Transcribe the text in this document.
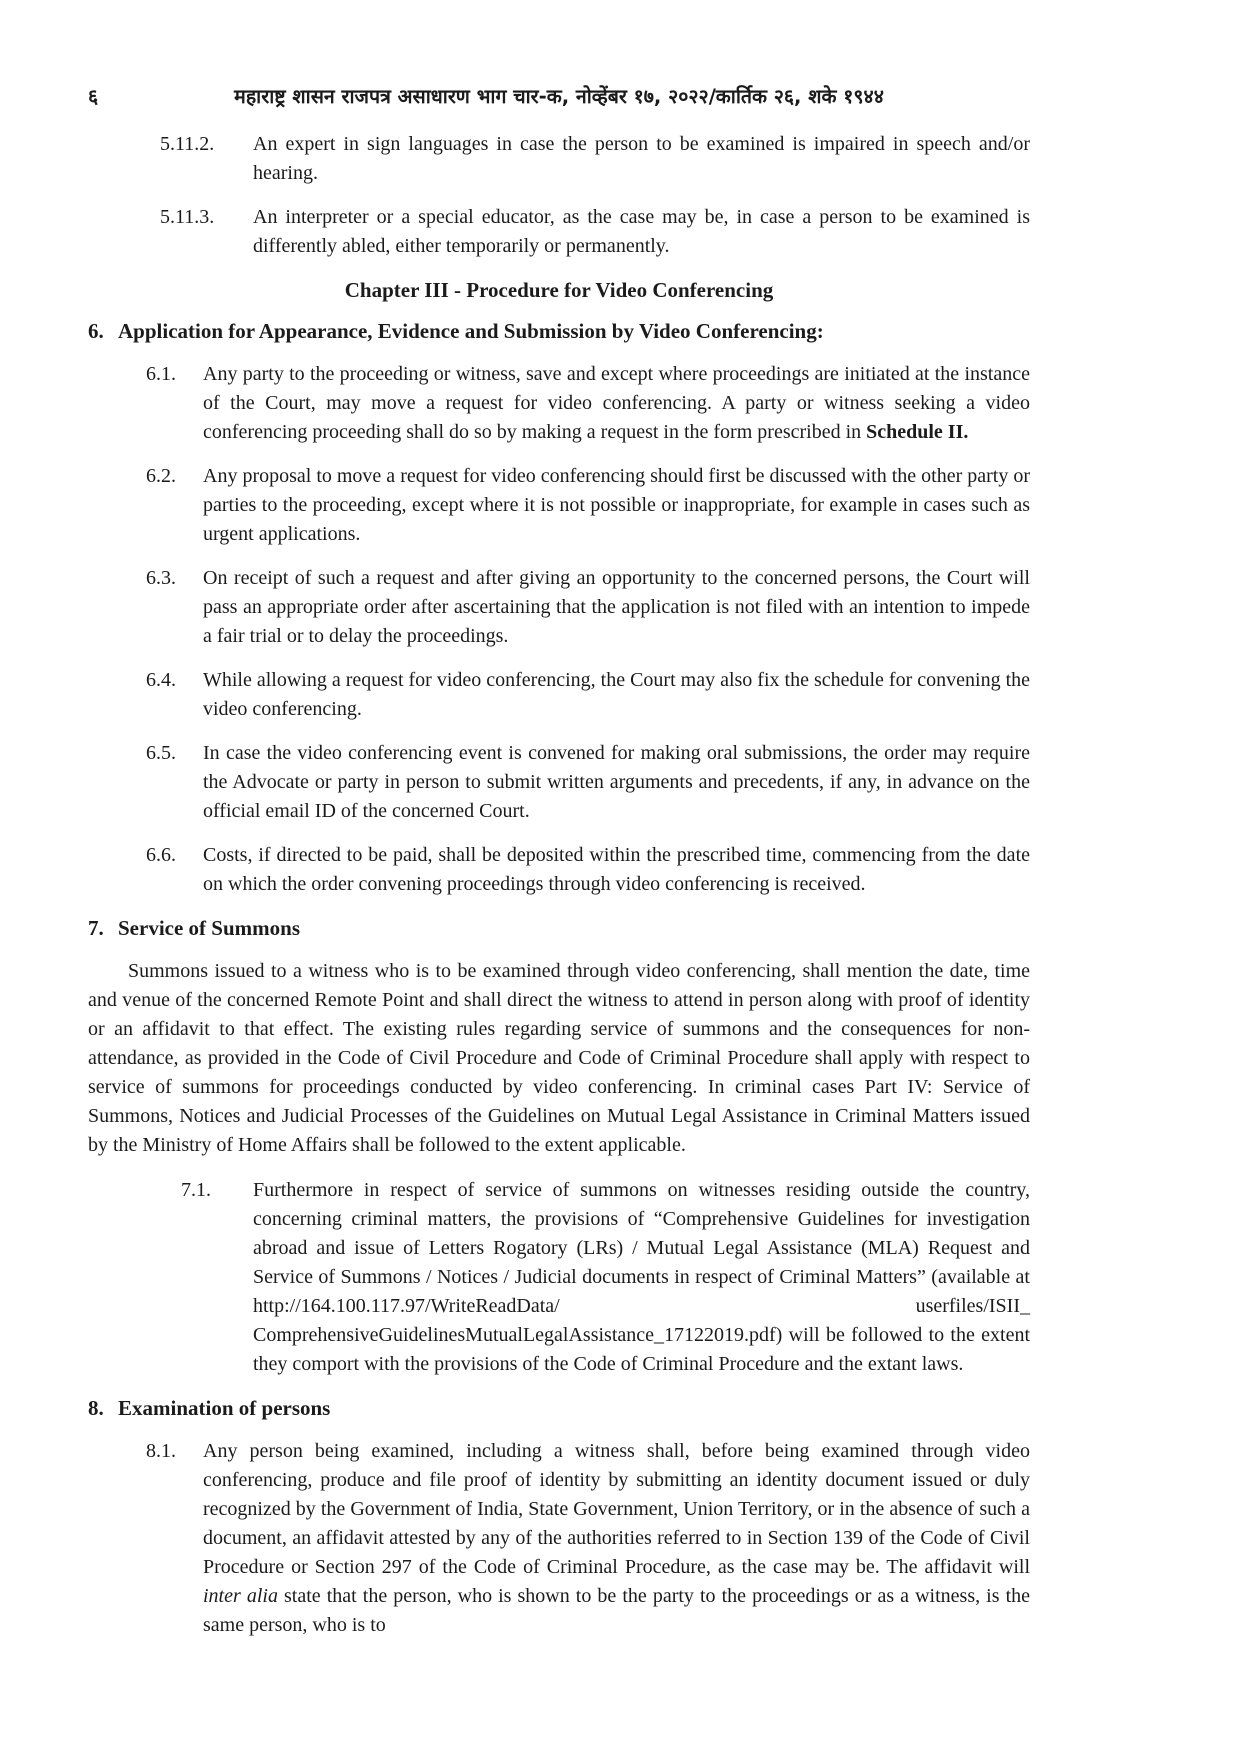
६	महाराष्ट्र शासन राजपत्र असाधारण भाग चार-क, नोव्हेंबर १७, २०२२/कार्तिक २६, शके १९४४
5.11.2.	An expert in sign languages in case the person to be examined is impaired in speech and/or hearing.
5.11.3.	An interpreter or a special educator, as the case may be, in case a person to be examined is differently abled, either temporarily or permanently.
Chapter III - Procedure for Video Conferencing
6. Application for Appearance, Evidence and Submission by Video Conferencing:
6.1.	Any party to the proceeding or witness, save and except where proceedings are initiated at the instance of the Court, may move a request for video conferencing. A party or witness seeking a video conferencing proceeding shall do so by making a request in the form prescribed in Schedule II.
6.2.	Any proposal to move a request for video conferencing should first be discussed with the other party or parties to the proceeding, except where it is not possible or inappropriate, for example in cases such as urgent applications.
6.3.	On receipt of such a request and after giving an opportunity to the concerned persons, the Court will pass an appropriate order after ascertaining that the application is not filed with an intention to impede a fair trial or to delay the proceedings.
6.4.	While allowing a request for video conferencing, the Court may also fix the schedule for convening the video conferencing.
6.5.	In case the video conferencing event is convened for making oral submissions, the order may require the Advocate or party in person to submit written arguments and precedents, if any, in advance on the official email ID of the concerned Court.
6.6.	Costs, if directed to be paid, shall be deposited within the prescribed time, commencing from the date on which the order convening proceedings through video conferencing is received.
7. Service of Summons

Summons issued to a witness who is to be examined through video conferencing, shall mention the date, time and venue of the concerned Remote Point and shall direct the witness to attend in person along with proof of identity or an affidavit to that effect. The existing rules regarding service of summons and the consequences for non-attendance, as provided in the Code of Civil Procedure and Code of Criminal Procedure shall apply with respect to service of summons for proceedings conducted by video conferencing. In criminal cases Part IV: Service of Summons, Notices and Judicial Processes of the Guidelines on Mutual Legal Assistance in Criminal Matters issued by the Ministry of Home Affairs shall be followed to the extent applicable.

7.1.	Furthermore in respect of service of summons on witnesses residing outside the country, concerning criminal matters, the provisions of “Comprehensive Guidelines for investigation abroad and issue of Letters Rogatory (LRs) / Mutual Legal Assistance (MLA) Request and Service of Summons / Notices / Judicial documents in respect of Criminal Matters” (available at http://164.100.117.97/WriteReadData/ userfiles/ISII_ ComprehensiveGuidelinesMutualLegalAssistance_17122019.pdf) will be followed to the extent they comport with the provisions of the Code of Criminal Procedure and the extant laws.
8. Examination of persons
8.1.	Any person being examined, including a witness shall, before being examined through video conferencing, produce and file proof of identity by submitting an identity document issued or duly recognized by the Government of India, State Government, Union Territory, or in the absence of such a document, an affidavit attested by any of the authorities referred to in Section 139 of the Code of Civil Procedure or Section 297 of the Code of Criminal Procedure, as the case may be. The affidavit will inter alia state that the person, who is shown to be the party to the proceedings or as a witness, is the same person, who is to
